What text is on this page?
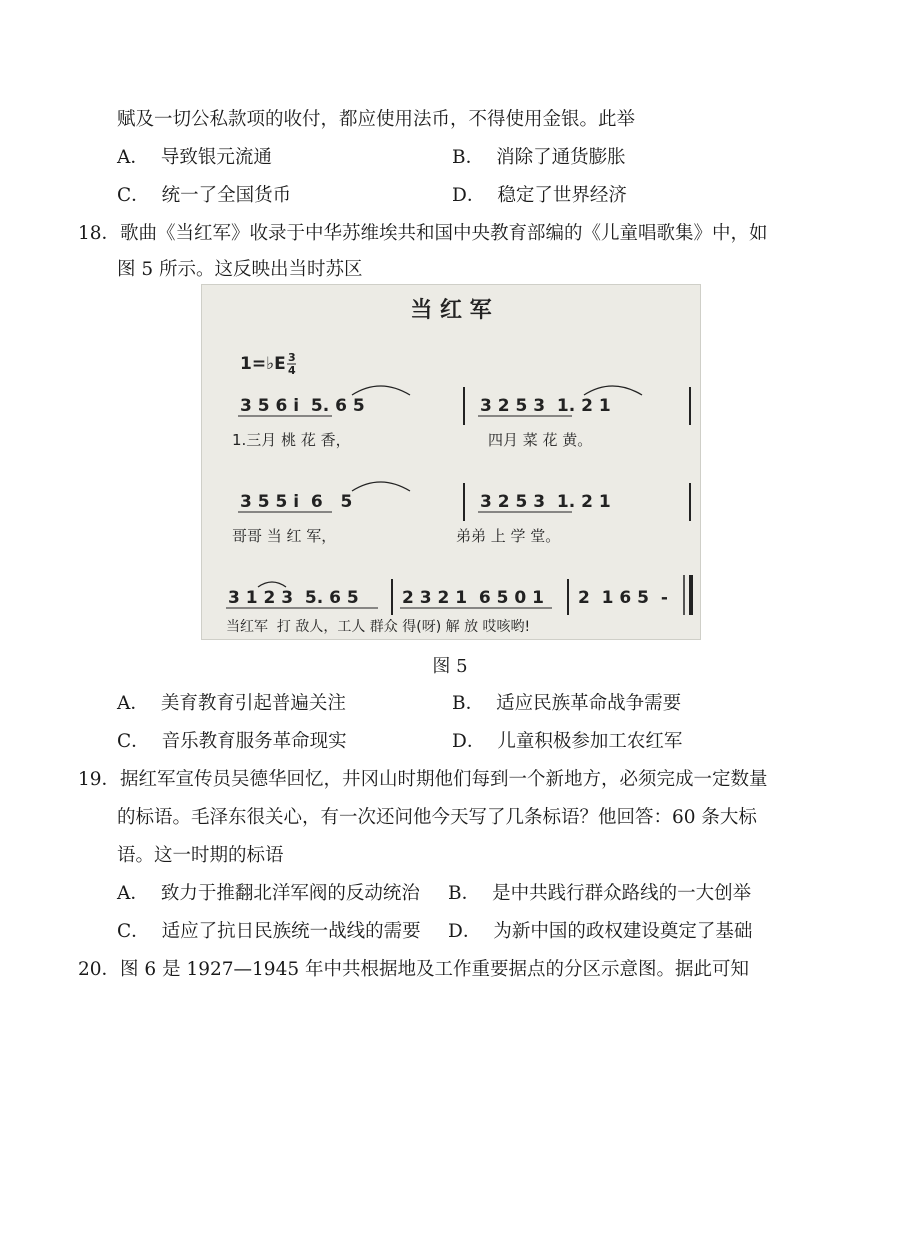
赋及一切公私款项的收付，都应使用法币，不得使用金银。此举
A． 导致银元流通	B． 消除了通货膨胀
C． 统一了全国货币	D． 稳定了世界经济
18．歌曲《当红军》收录于中华苏维埃共和国中央教育部编的《儿童唱歌集》中，如
图 5 所示。这反映出当时苏区
当 红 军
1=♭E 3
4
3 5 6 i  5. 6 5	3 2 5 3  1. 2 1
1.三月 桃 花 香，	四月 菜 花 黄。
3 5 5 i  6   5	3 2 5 3  1. 2 1
哥哥 当 红 军，	弟弟 上 学 堂。
3 1 2 3  5. 6 5	2 3 2 1  6 5 0 1 2  1 6 5  -
当红军  打 敌人，工人 群众 得(呀) 解 放 哎咳哟!
图 5
A． 美育教育引起普遍关注	B． 适应民族革命战争需要
C． 音乐教育服务革命现实	D． 儿童积极参加工农红军
19．据红军宣传员吴德华回忆，井冈山时期他们每到一个新地方，必须完成一定数量
的标语。毛泽东很关心，有一次还问他今天写了几条标语？他回答：60 条大标
语。这一时期的标语
A． 致力于推翻北洋军阀的反动统治 B． 是中共践行群众路线的一大创举
C． 适应了抗日民族统一战线的需要 D． 为新中国的政权建设奠定了基础
20．图 6 是 1927—1945 年中共根据地及工作重要据点的分区示意图。据此可知
